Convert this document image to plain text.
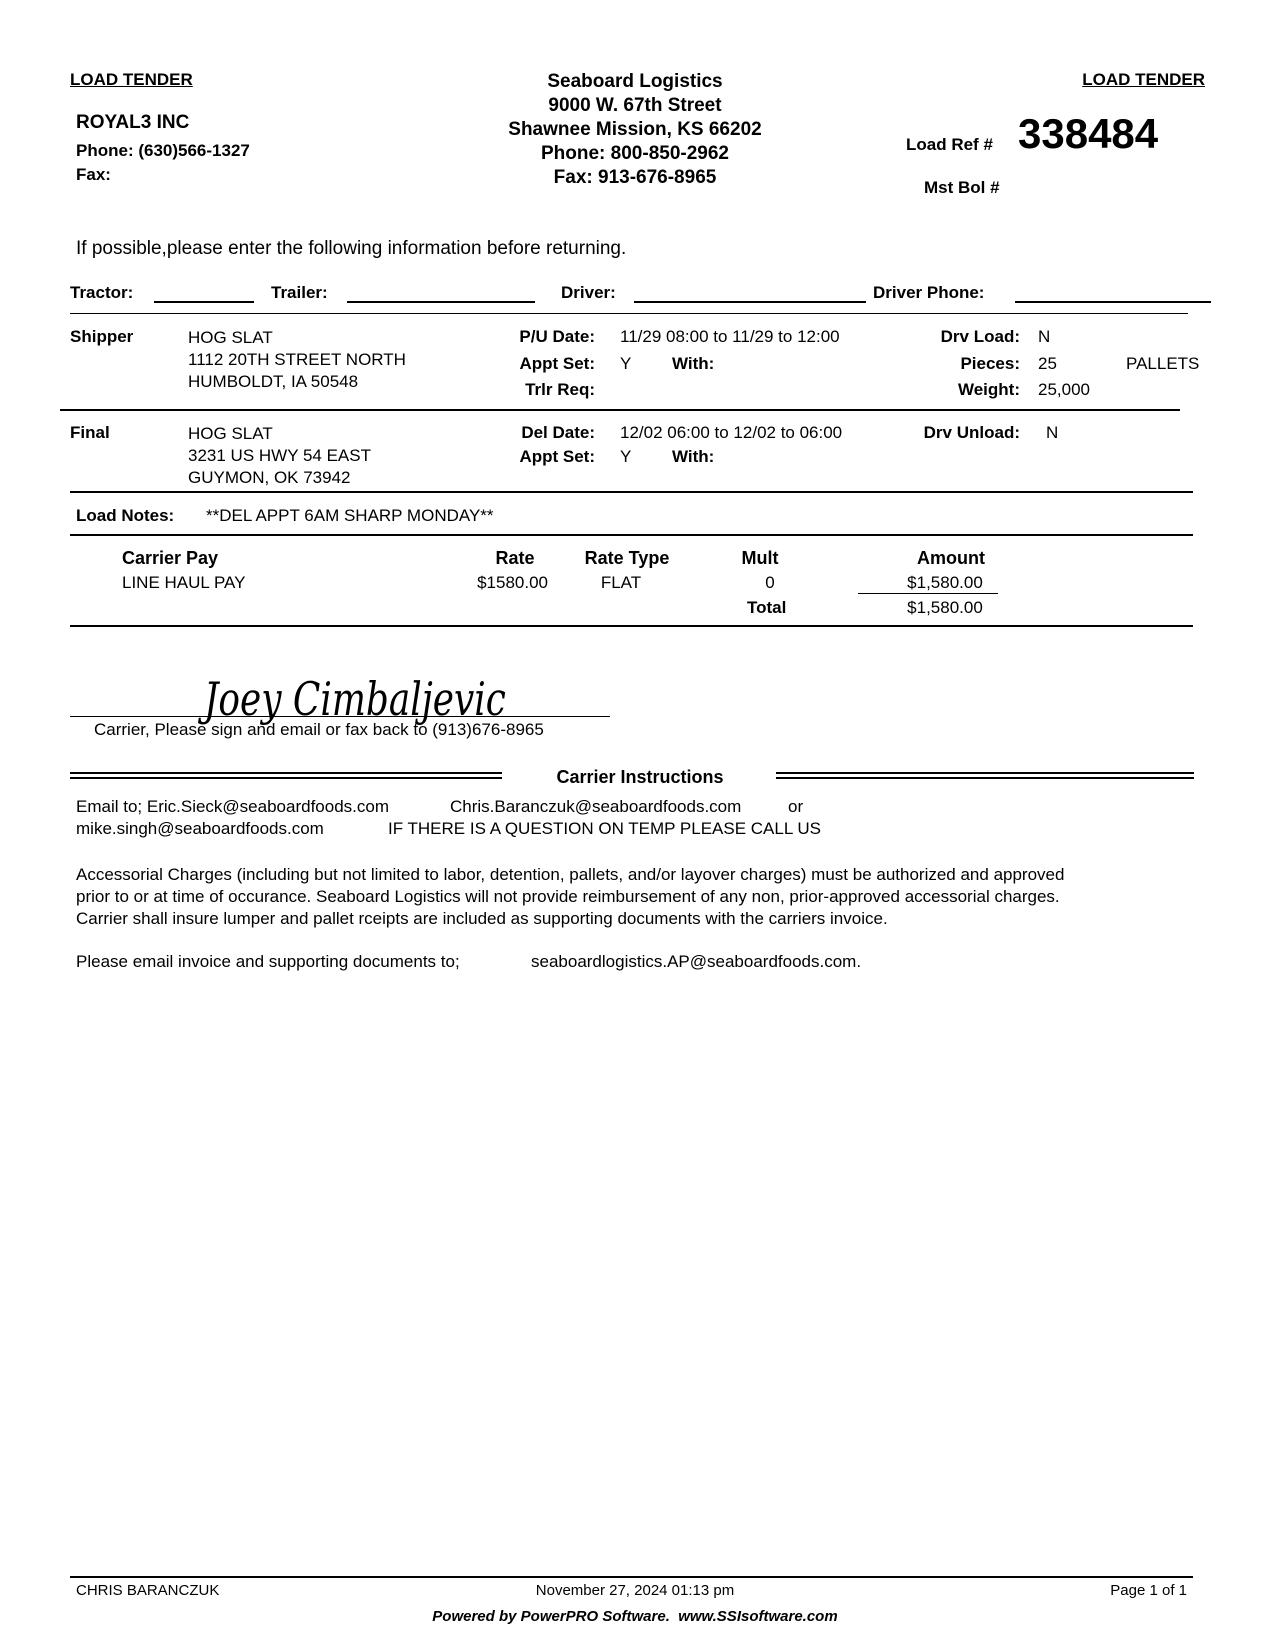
LOAD TENDER	LOAD TENDER
ROYAL3 INC
Phone: (630)566-1327
Fax:
Seaboard Logistics
9000 W. 67th Street
Shawnee Mission, KS 66202
Phone: 800-850-2962
Fax: 913-676-8965
Load Ref # 338484
Mst Bol #
If possible,please enter the following information before returning.
Tractor:	Trailer:	Driver:	Driver Phone:
Shipper	HOG SLAT
1112 20TH STREET NORTH
HUMBOLDT, IA 50548
P/U Date: 11/29 08:00 to 11/29 to 12:00
Appt Set: Y With:
Trlr Req:
Drv Load: N
Pieces: 25	PALLETS
Weight: 25,000
Final	HOG SLAT
3231 US HWY 54 EAST
GUYMON, OK 73942
Del Date: 12/02 06:00 to 12/02 to 06:00
Appt Set: Y With:
Drv Unload: N
Load Notes: **DEL APPT 6AM SHARP MONDAY**
Carrier Pay	Rate	Rate Type	Mult	Amount
LINE HAUL PAY	$1580.00	FLAT	0	$1,580.00
Total	$1,580.00
Joey Cimbaljevic
Carrier, Please sign and email or fax back to (913)676-8965
Carrier Instructions
Email to; Eric.Sieck@seaboardfoods.com	Chris.Baranczuk@seaboardfoods.com	or
mike.singh@seaboardfoods.com	IF THERE IS A QUESTION ON TEMP PLEASE CALL US
Accessorial Charges (including but not limited to labor, detention, pallets, and/or layover charges) must be authorized and approved
prior to or at time of occurance. Seaboard Logistics will not provide reimbursement of any non, prior-approved accessorial charges.
Carrier shall insure lumper and pallet rceipts are included as supporting documents with the carriers invoice.
Please email invoice and supporting documents to;	seaboardlogistics.AP@seaboardfoods.com.
CHRIS BARANCZUK	November 27, 2024 01:13 pm	Page 1 of 1
Powered by PowerPRO Software.  www.SSIsoftware.com
